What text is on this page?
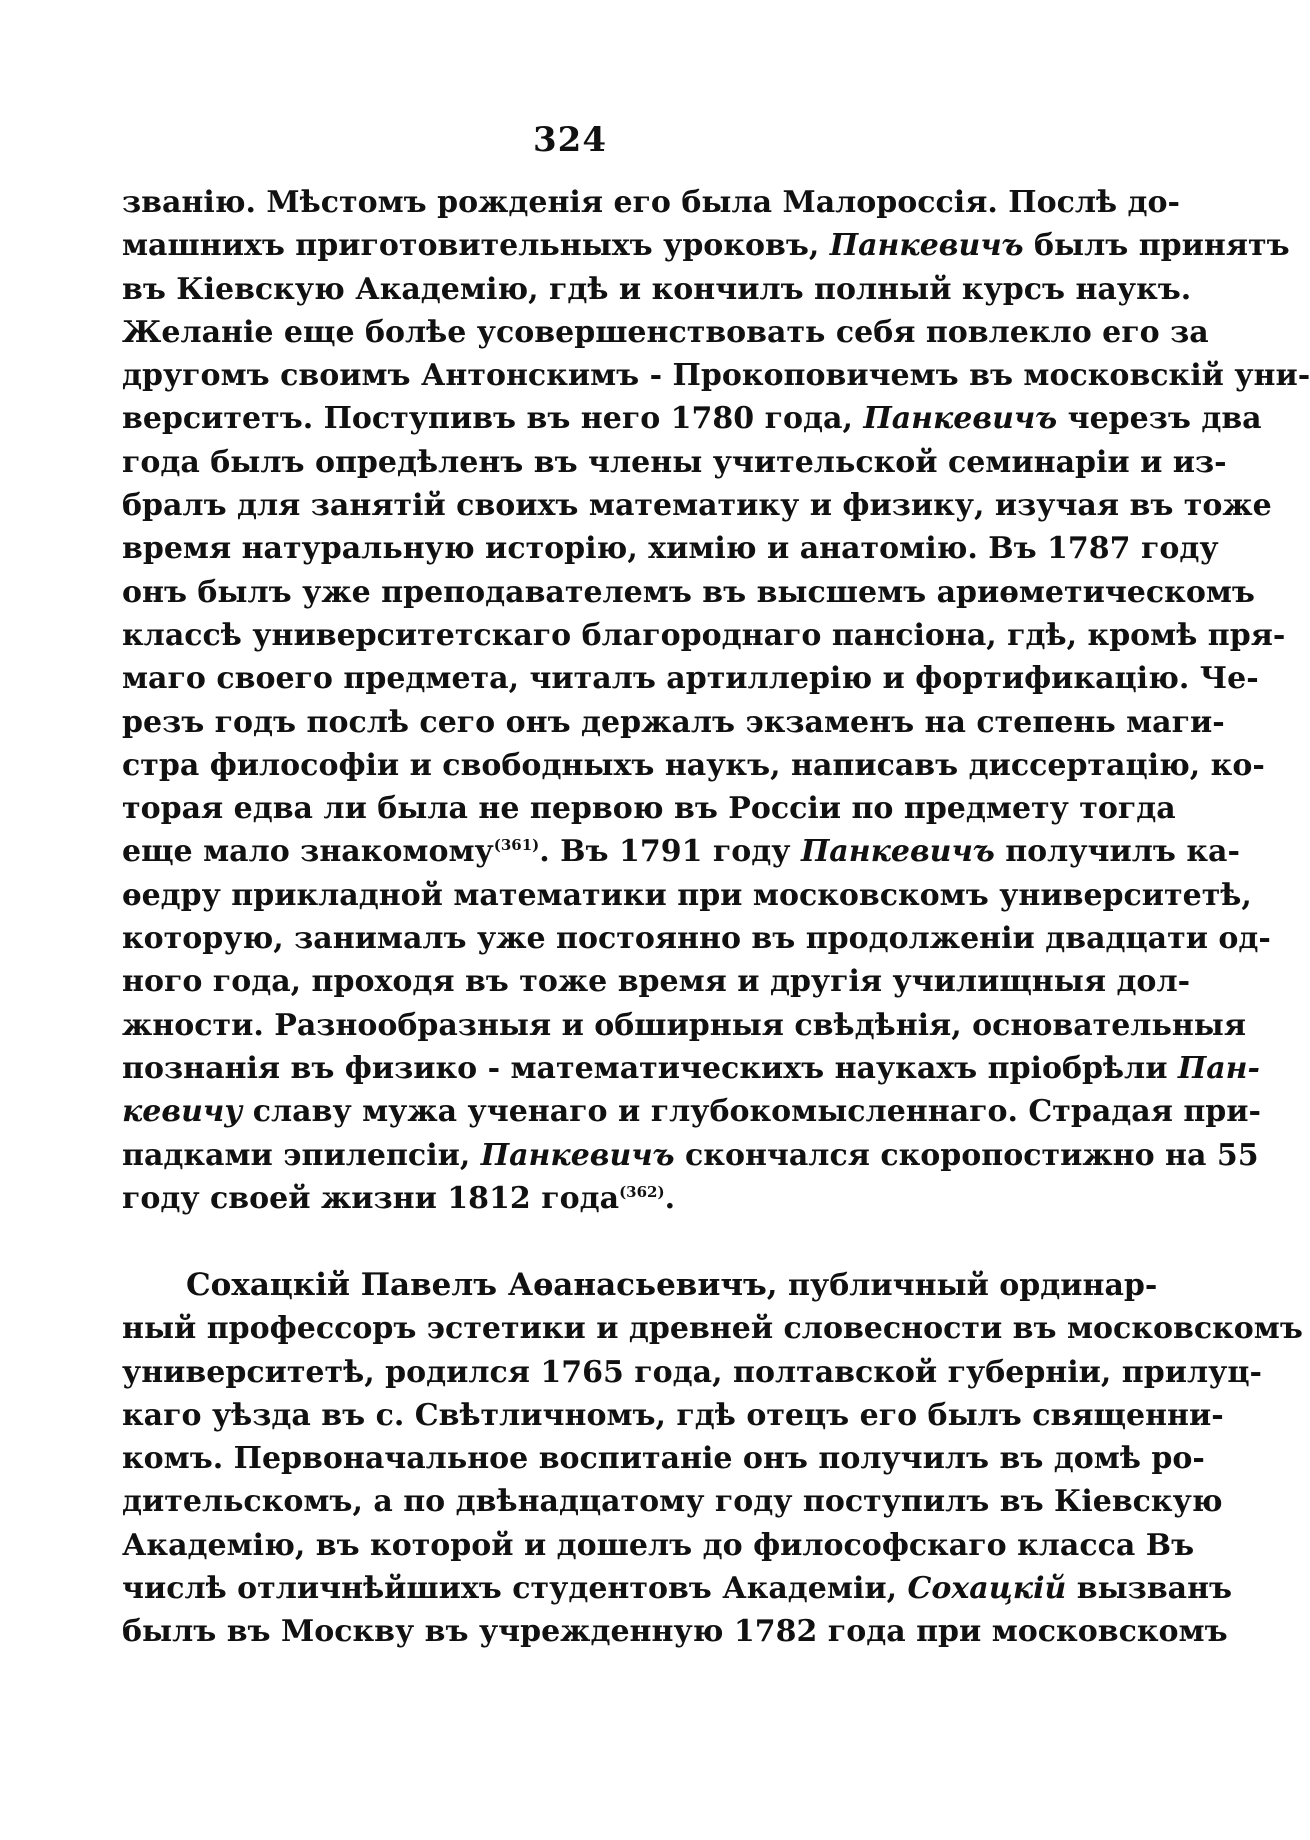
324
званію. Мѣстомъ рожденія его была Малороссія. Послѣ до-
машнихъ приготовительныхъ уроковъ, Панкевичъ былъ принятъ
въ Кіевскую Академію, гдѣ и кончилъ полный курсъ наукъ.
Желаніе еще болѣе усовершенствовать себя повлекло его за
другомъ своимъ Антонскимъ - Прокоповичемъ въ московскій уни-
верситетъ. Поступивъ въ него 1780 года, Панкевичъ черезъ два
года былъ опредѣленъ въ члены учительской семинаріи и из-
бралъ для занятій своихъ математику и физику, изучая въ тоже
время натуральную исторію, химію и анатомію. Въ 1787 году
онъ былъ уже преподавателемъ въ высшемъ ариѳметическомъ
классѣ университетскаго благороднаго пансіона, гдѣ, кромѣ пря-
маго своего предмета, читалъ артиллерію и фортификацію. Че-
резъ годъ послѣ сего онъ держалъ экзаменъ на степень маги-
стра философіи и свободныхъ наукъ, написавъ диссертацію, ко-
торая едва ли была не первою въ Россіи по предмету тогда
еще мало знакомому$^{(361)}$. Въ 1791 году Панкевичъ получилъ ка-
ѳедру прикладной математики при московскомъ университетѣ,
которую, занималъ уже постоянно въ продолженіи двадцати од-
ного года, проходя въ тоже время и другія училищныя дол-
жности. Разнообразныя и обширныя свѣдѣнія, основательныя
познанія въ физико - математическихъ наукахъ пріобрѣли Пан-
кевичу славу мужа ученаго и глубокомысленнаго. Страдая при-
падками эпилепсіи, Панкевичъ скончался скоропостижно на 55
году своей жизни 1812 года$^{(362)}$.
Сохацкій Павелъ Аѳанасьевичъ, публичный ординар-
ный профессоръ эстетики и древней словесности въ московскомъ
университетѣ, родился 1765 года, полтавской губерніи, прилуц-
каго уѣзда въ с. Свѣтличномъ, гдѣ отецъ его былъ священни-
комъ. Первоначальное воспитаніе онъ получилъ въ домѣ ро-
дительскомъ, а по двѣнадцатому году поступилъ въ Кіевскую
Академію, въ которой и дошелъ до философскаго класса Въ
числѣ отличнѣйшихъ студентовъ Академіи, Сохацкій вызванъ
былъ въ Москву въ учрежденную 1782 года при московскомъ
